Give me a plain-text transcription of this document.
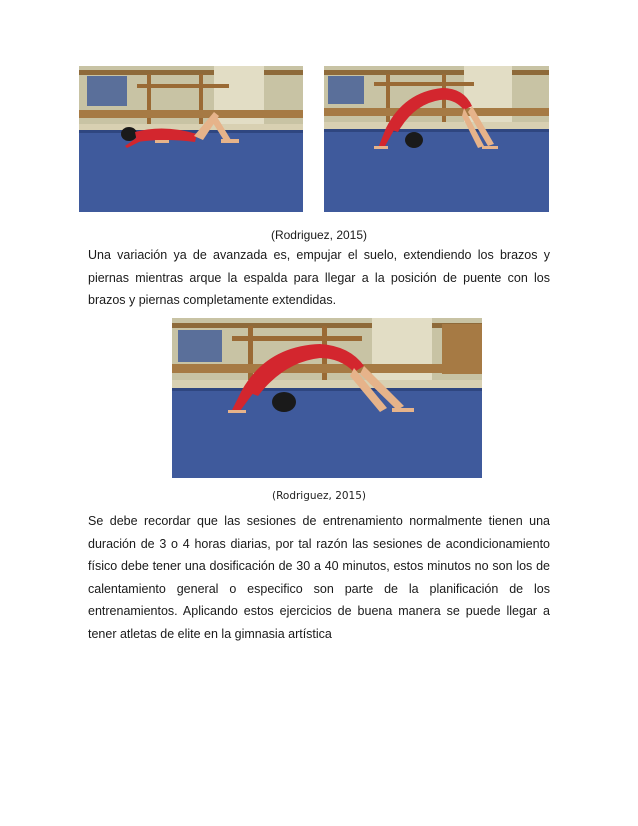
(Rodriguez, 2015)

Una variación ya de avanzada es, empujar el suelo, extendiendo los brazos y piernas mientras arque la espalda para llegar a la posición de puente con los brazos y piernas completamente extendidas.

(Rodriguez, 2015)

Se debe recordar que las sesiones de entrenamiento normalmente tienen una duración de 3 o 4 horas diarias, por tal razón las sesiones de acondicionamiento físico debe tener una dosificación de 30 a 40 minutos, estos minutos no son los de calentamiento general o especifico son parte de la planificación de los entrenamientos. Aplicando estos ejercicios de buena manera se puede llegar a tener atletas de elite en la gimnasia artística
